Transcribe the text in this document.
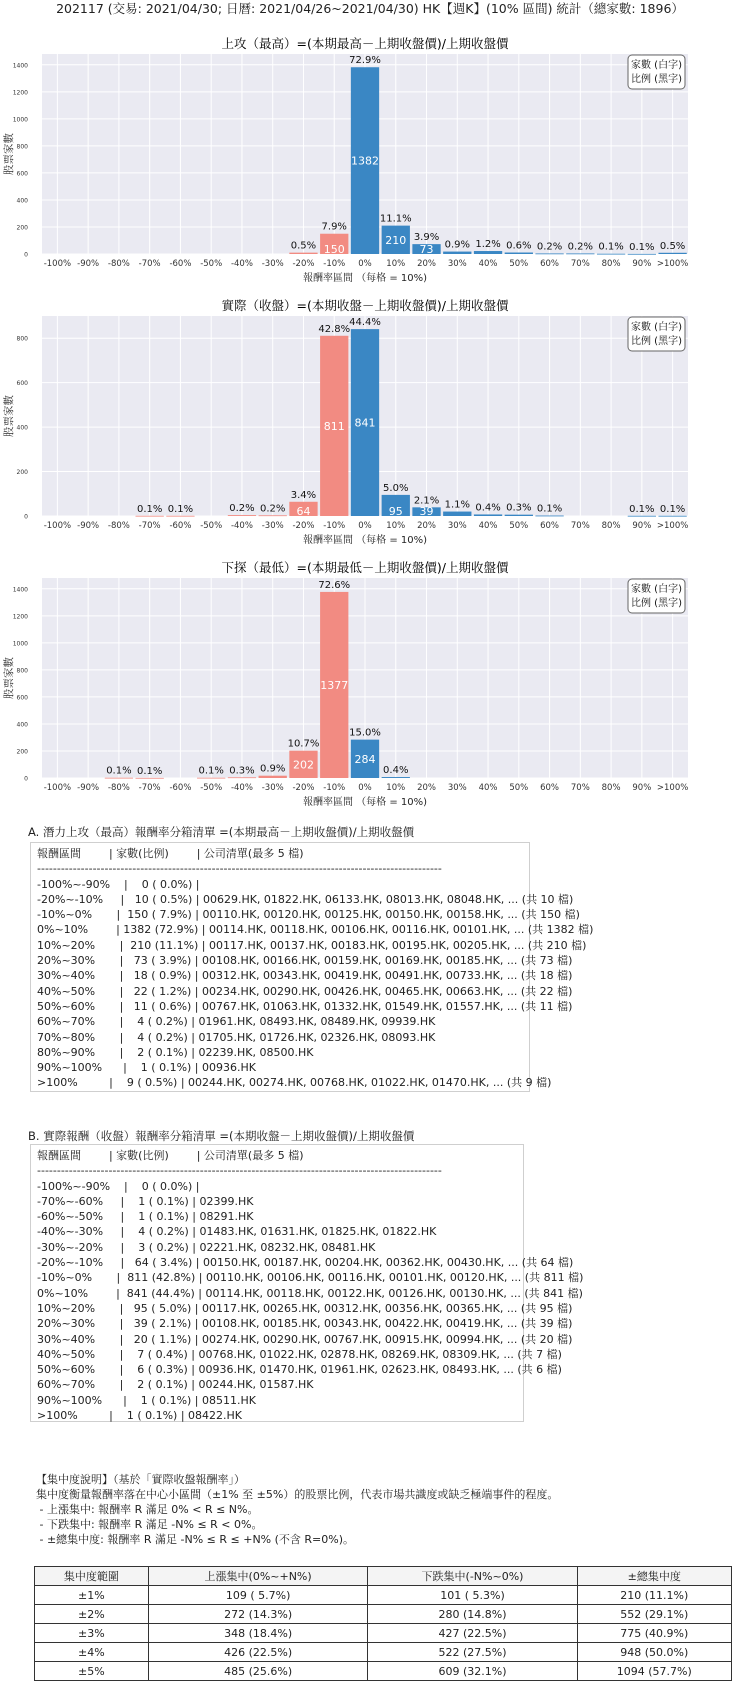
202117 (交易: 2021/04/30; 日曆: 2021/04/26~2021/04/30) HK【週K】(10% 區間) 統計（總家數: 1896）
上攻（最高）=(本期最高－上期收盤價)/上期收盤價
0
200
400
600
800
1000
1200
1400
股票家數
-100% -90% -80% -70% -60% -50% -40% -30%
0.5%
-20%
7.9%
150
-10%
72.9%
1382
0%
11.1%
210
10%
3.9%
73
20%
0.9%
30%
1.2%
40%
0.6%
50%
0.2%
60%
0.2%
70%
0.1%
80%
0.1%
90%
0.5%
>100%
報酬率區間 （每格 = 10%)
家數 (白字)
比例 (黑字)
實際（收盤）=(本期收盤－上期收盤價)/上期收盤價
0
200
400
600
800
股票家數
-100% -90% -80%
0.1%
-70%
0.1%
-60% -50%
0.2%
-40%
0.2%
-30%
3.4%
64
-20%
42.8%
811
-10%
44.4%
841
0%
5.0%
95
10%
2.1%
39
20%
1.1%
30%
0.4%
40%
0.3%
50%
0.1%
60% 70% 80%
0.1%
90%
0.1%
>100%
報酬率區間 （每格 = 10%)
家數 (白字)
比例 (黑字)
下探（最低）=(本期最低－上期收盤價)/上期收盤價
0
200
400
600
800
1000
1200
1400
股票家數
-100% -90%
0.1%
-80%
0.1%
-70% -60%
0.1%
-50%
0.3%
-40%
0.9%
-30%
10.7%
202
-20%
72.6%
1377
-10%
15.0%
284
0%
0.4%
10% 20% 30% 40% 50% 60% 70% 80% 90% >100%
報酬率區間 （每格 = 10%)
家數 (白字)
比例 (黑字)
A. 潛力上攻（最高）報酬率分箱清單 =(本期最高－上期收盤價)/上期收盤價
報酬區間        | 家數(比例)        | 公司清單(最多 5 檔)
------------------------------------------------------------------------------------------------------
-100%~-90%    |    0 ( 0.0%) |
-20%~-10%     |   10 ( 0.5%) | 00629.HK, 01822.HK, 06133.HK, 08013.HK, 08048.HK, ... (共 10 檔)
-10%~0%       |  150 ( 7.9%) | 00110.HK, 00120.HK, 00125.HK, 00150.HK, 00158.HK, ... (共 150 檔)
0%~10%        | 1382 (72.9%) | 00114.HK, 00118.HK, 00106.HK, 00116.HK, 00101.HK, ... (共 1382 檔)
10%~20%       |  210 (11.1%) | 00117.HK, 00137.HK, 00183.HK, 00195.HK, 00205.HK, ... (共 210 檔)
20%~30%       |   73 ( 3.9%) | 00108.HK, 00166.HK, 00159.HK, 00169.HK, 00185.HK, ... (共 73 檔)
30%~40%       |   18 ( 0.9%) | 00312.HK, 00343.HK, 00419.HK, 00491.HK, 00733.HK, ... (共 18 檔)
40%~50%       |   22 ( 1.2%) | 00234.HK, 00290.HK, 00426.HK, 00465.HK, 00663.HK, ... (共 22 檔)
50%~60%       |   11 ( 0.6%) | 00767.HK, 01063.HK, 01332.HK, 01549.HK, 01557.HK, ... (共 11 檔)
60%~70%       |    4 ( 0.2%) | 01961.HK, 08493.HK, 08489.HK, 09939.HK
70%~80%       |    4 ( 0.2%) | 01705.HK, 01726.HK, 02326.HK, 08093.HK
80%~90%       |    2 ( 0.1%) | 02239.HK, 08500.HK
90%~100%      |    1 ( 0.1%) | 00936.HK
>100%         |    9 ( 0.5%) | 00244.HK, 00274.HK, 00768.HK, 01022.HK, 01470.HK, ... (共 9 檔)
B. 實際報酬（收盤）報酬率分箱清單 =(本期收盤－上期收盤價)/上期收盤價
報酬區間        | 家數(比例)        | 公司清單(最多 5 檔)
------------------------------------------------------------------------------------------------------
-100%~-90%    |    0 ( 0.0%) |
-70%~-60%     |    1 ( 0.1%) | 02399.HK
-60%~-50%     |    1 ( 0.1%) | 08291.HK
-40%~-30%     |    4 ( 0.2%) | 01483.HK, 01631.HK, 01825.HK, 01822.HK
-30%~-20%     |    3 ( 0.2%) | 02221.HK, 08232.HK, 08481.HK
-20%~-10%     |   64 ( 3.4%) | 00150.HK, 00187.HK, 00204.HK, 00362.HK, 00430.HK, ... (共 64 檔)
-10%~0%       |  811 (42.8%) | 00110.HK, 00106.HK, 00116.HK, 00101.HK, 00120.HK, ... (共 811 檔)
0%~10%        |  841 (44.4%) | 00114.HK, 00118.HK, 00122.HK, 00126.HK, 00130.HK, ... (共 841 檔)
10%~20%       |   95 ( 5.0%) | 00117.HK, 00265.HK, 00312.HK, 00356.HK, 00365.HK, ... (共 95 檔)
20%~30%       |   39 ( 2.1%) | 00108.HK, 00185.HK, 00343.HK, 00422.HK, 00419.HK, ... (共 39 檔)
30%~40%       |   20 ( 1.1%) | 00274.HK, 00290.HK, 00767.HK, 00915.HK, 00994.HK, ... (共 20 檔)
40%~50%       |    7 ( 0.4%) | 00768.HK, 01022.HK, 02878.HK, 08269.HK, 08309.HK, ... (共 7 檔)
50%~60%       |    6 ( 0.3%) | 00936.HK, 01470.HK, 01961.HK, 02623.HK, 08493.HK, ... (共 6 檔)
60%~70%       |    2 ( 0.1%) | 00244.HK, 01587.HK
90%~100%      |    1 ( 0.1%) | 08511.HK
>100%         |    1 ( 0.1%) | 08422.HK
【集中度說明】（基於「實際收盤報酬率」）
集中度衡量報酬率落在中心小區間（±1% 至 ±5%）的股票比例，代表市場共識度或缺乏極端事件的程度。
- 上漲集中: 報酬率 R 滿足 0% < R ≤ N%。
- 下跌集中: 報酬率 R 滿足 -N% ≤ R < 0%。
- ±總集中度: 報酬率 R 滿足 -N% ≤ R ≤ +N% (不含 R=0%)。
集中度範圍	上漲集中(0%~+N%)	下跌集中(-N%~0%)	±總集中度
±1%	109 ( 5.7%)	101 ( 5.3%)	210 (11.1%)
±2%	272 (14.3%)	280 (14.8%)	552 (29.1%)
±3%	348 (18.4%)	427 (22.5%)	775 (40.9%)
±4%	426 (22.5%)	522 (27.5%)	948 (50.0%)
±5%	485 (25.6%)	609 (32.1%)	1094 (57.7%)
